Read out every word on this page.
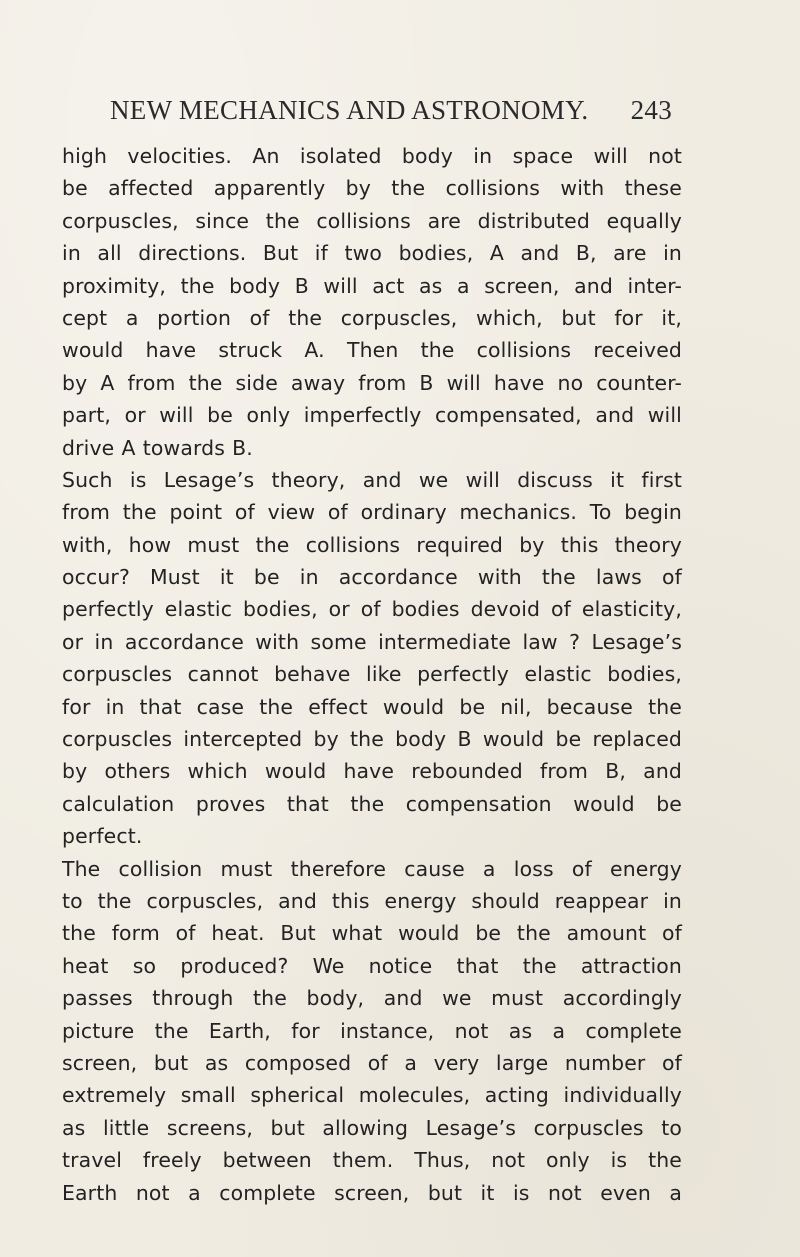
NEW MECHANICS AND ASTRONOMY. 243
high velocities. An isolated body in space will not
be affected apparently by the collisions with these
corpuscles, since the collisions are distributed equally
in all directions. But if two bodies, A and B, are in
proximity, the body B will act as a screen, and inter-
cept a portion of the corpuscles, which, but for it,
would have struck A. Then the collisions received
by A from the side away from B will have no counter-
part, or will be only imperfectly compensated, and will
drive A towards B.
Such is Lesage’s theory, and we will discuss it first
from the point of view of ordinary mechanics. To begin
with, how must the collisions required by this theory
occur? Must it be in accordance with the laws of
perfectly elastic bodies, or of bodies devoid of elasticity,
or in accordance with some intermediate law ? Lesage’s
corpuscles cannot behave like perfectly elastic bodies,
for in that case the effect would be nil, because the
corpuscles intercepted by the body B would be replaced
by others which would have rebounded from B, and
calculation proves that the compensation would be
perfect.
The collision must therefore cause a loss of energy
to the corpuscles, and this energy should reappear in
the form of heat. But what would be the amount of
heat so produced? We notice that the attraction
passes through the body, and we must accordingly
picture the Earth, for instance, not as a complete
screen, but as composed of a very large number of
extremely small spherical molecules, acting individually
as little screens, but allowing Lesage’s corpuscles to
travel freely between them. Thus, not only is the
Earth not a complete screen, but it is not even a
